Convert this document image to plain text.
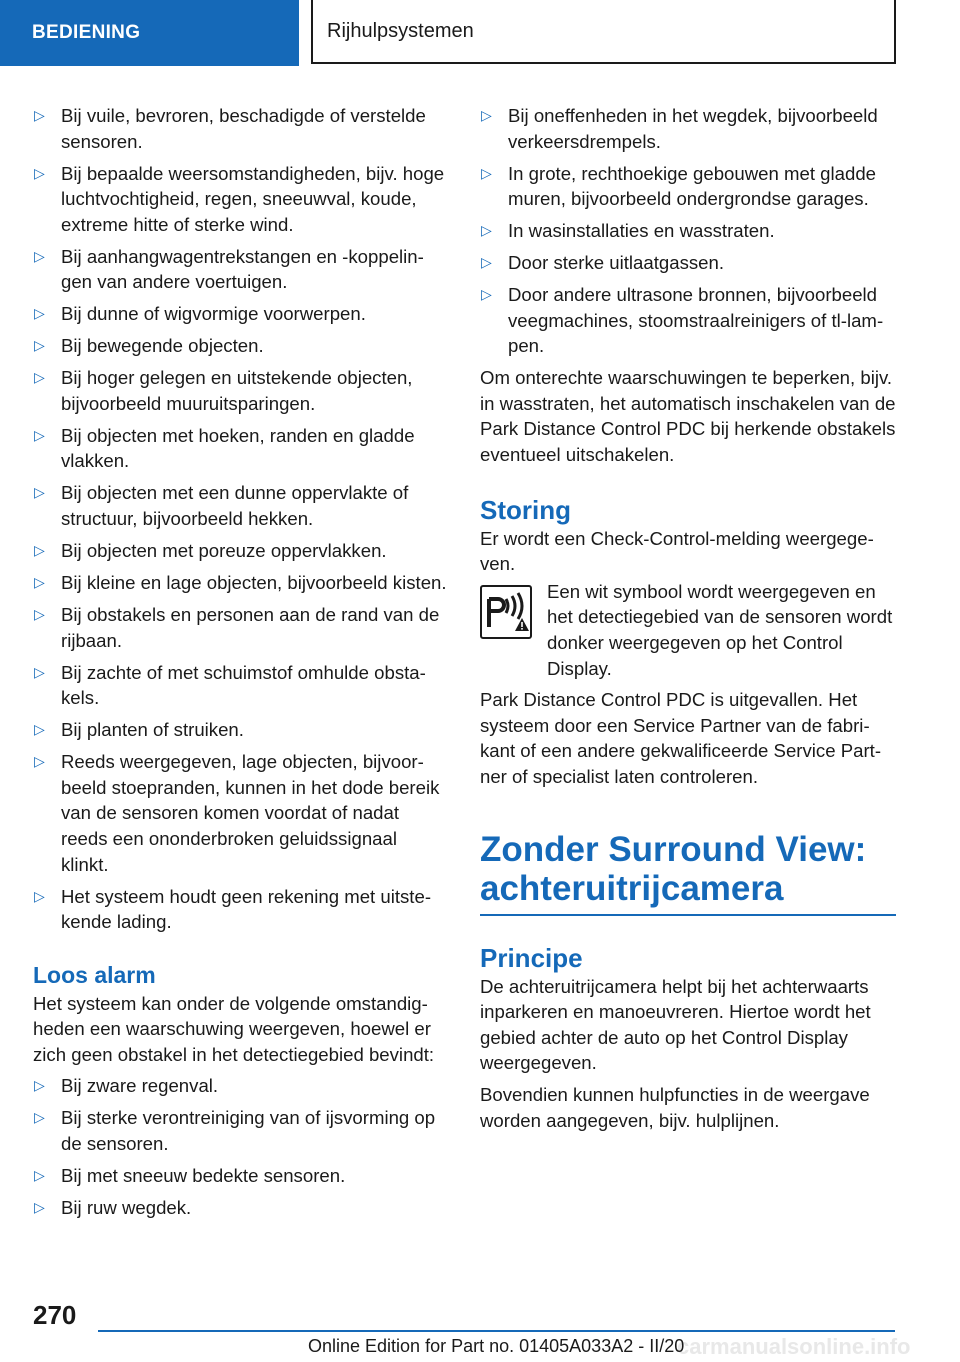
BEDIENING	Rijhulpsystemen
▷ Bij vuile, bevroren, beschadigde of verstelde sensoren.
▷ Bij bepaalde weersomstandigheden, bijv. hoge luchtvochtigheid, regen, sneeuwval, koude, extreme hitte of sterke wind.
▷ Bij aanhangwagentrekstangen en -koppelingen van andere voertuigen.
▷ Bij dunne of wigvormige voorwerpen.
▷ Bij bewegende objecten.
▷ Bij hoger gelegen en uitstekende objecten, bijvoorbeeld muuruitsparingen.
▷ Bij objecten met hoeken, randen en gladde vlakken.
▷ Bij objecten met een dunne oppervlakte of structuur, bijvoorbeeld hekken.
▷ Bij objecten met poreuze oppervlakken.
▷ Bij kleine en lage objecten, bijvoorbeeld kisten.
▷ Bij obstakels en personen aan de rand van de rijbaan.
▷ Bij zachte of met schuimstof omhulde obstakels.
▷ Bij planten of struiken.
▷ Reeds weergegeven, lage objecten, bijvoorbeeld stoepranden, kunnen in het dode bereik van de sensoren komen voordat of nadat reeds een ononderbroken geluidssignaal klinkt.
▷ Het systeem houdt geen rekening met uitstekende lading.
Loos alarm

Het systeem kan onder de volgende omstandigheden een waarschuwing weergeven, hoewel er zich geen obstakel in het detectiegebied bevindt:

▷ Bij zware regenval.
▷ Bij sterke verontreiniging van of ijsvorming op de sensoren.
▷ Bij met sneeuw bedekte sensoren.
▷ Bij ruw wegdek.
▷ Bij oneffenheden in het wegdek, bijvoorbeeld verkeersdrempels.
▷ In grote, rechthoekige gebouwen met gladde muren, bijvoorbeeld ondergrondse garages.
▷ In wasinstallaties en wasstraten.
▷ Door sterke uitlaatgassen.
▷ Door andere ultrasone bronnen, bijvoorbeeld veegmachines, stoomstraalreinigers of tl-lampen.

Om onterechte waarschuwingen te beperken, bijv. in wasstraten, het automatisch inschakelen van de Park Distance Control PDC bij herkende obstakels eventueel uitschakelen.

Storing

Er wordt een Check-Control-melding weergegeven.

Een wit symbool wordt weergegeven en het detectiegebied van de sensoren wordt donker weergegeven op het Control Display.

Park Distance Control PDC is uitgevallen. Het systeem door een Service Partner van de fabrikant of een andere gekwalificeerde Service Partner of specialist laten controleren.

Zonder Surround View: achteruitrijcamera
Principe

De achteruitrijcamera helpt bij het achterwaarts inparkeren en manoeuvreren. Hiertoe wordt het gebied achter de auto op het Control Display weergegeven.

Bovendien kunnen hulpfuncties in de weergave worden aangegeven, bijv. hulplijnen.

270
carmanualsonline.info
Online Edition for Part no. 01405A033A2 - II/20
